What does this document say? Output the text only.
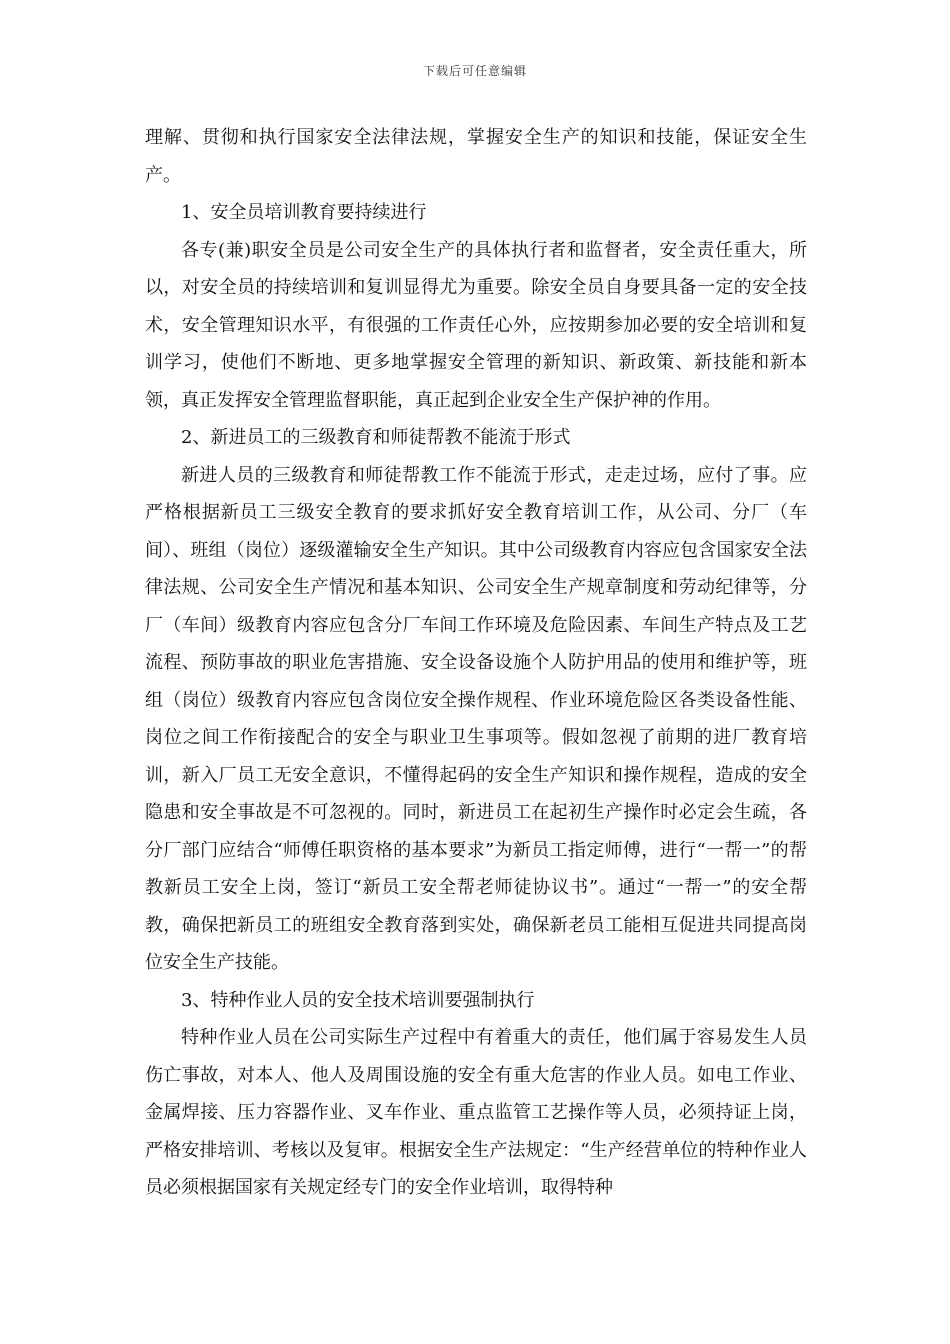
下载后可任意编辑

理解、贯彻和执行国家安全法律法规，掌握安全生产的知识和技能，保证安全生产。

1、安全员培训教育要持续进行

各专(兼)职安全员是公司安全生产的具体执行者和监督者，安全责任重大，所以，对安全员的持续培训和复训显得尤为重要。除安全员自身要具备一定的安全技术，安全管理知识水平，有很强的工作责任心外，应按期参加必要的安全培训和复训学习，使他们不断地、更多地掌握安全管理的新知识、新政策、新技能和新本领，真正发挥安全管理监督职能，真正起到企业安全生产保护神的作用。

2、新进员工的三级教育和师徒帮教不能流于形式

新进人员的三级教育和师徒帮教工作不能流于形式，走走过场，应付了事。应严格根据新员工三级安全教育的要求抓好安全教育培训工作，从公司、分厂（车间）、班组（岗位）逐级灌输安全生产知识。其中公司级教育内容应包含国家安全法律法规、公司安全生产情况和基本知识、公司安全生产规章制度和劳动纪律等，分厂（车间）级教育内容应包含分厂车间工作环境及危险因素、车间生产特点及工艺流程、预防事故的职业危害措施、安全设备设施个人防护用品的使用和维护等，班组（岗位）级教育内容应包含岗位安全操作规程、作业环境危险区各类设备性能、岗位之间工作衔接配合的安全与职业卫生事项等。假如忽视了前期的进厂教育培训，新入厂员工无安全意识，不懂得起码的安全生产知识和操作规程，造成的安全隐患和安全事故是不可忽视的。同时，新进员工在起初生产操作时必定会生疏，各分厂部门应结合“师傅任职资格的基本要求”为新员工指定师傅，进行“一帮一”的帮教新员工安全上岗，签订“新员工安全帮老师徒协议书”。通过“一帮一”的安全帮教，确保把新员工的班组安全教育落到实处，确保新老员工能相互促进共同提高岗位安全生产技能。

3、特种作业人员的安全技术培训要强制执行

特种作业人员在公司实际生产过程中有着重大的责任，他们属于容易发生人员伤亡事故，对本人、他人及周围设施的安全有重大危害的作业人员。如电工作业、金属焊接、压力容器作业、叉车作业、重点监管工艺操作等人员，必须持证上岗，严格安排培训、考核以及复审。根据安全生产法规定：“生产经营单位的特种作业人员必须根据国家有关规定经专门的安全作业培训，取得特种
